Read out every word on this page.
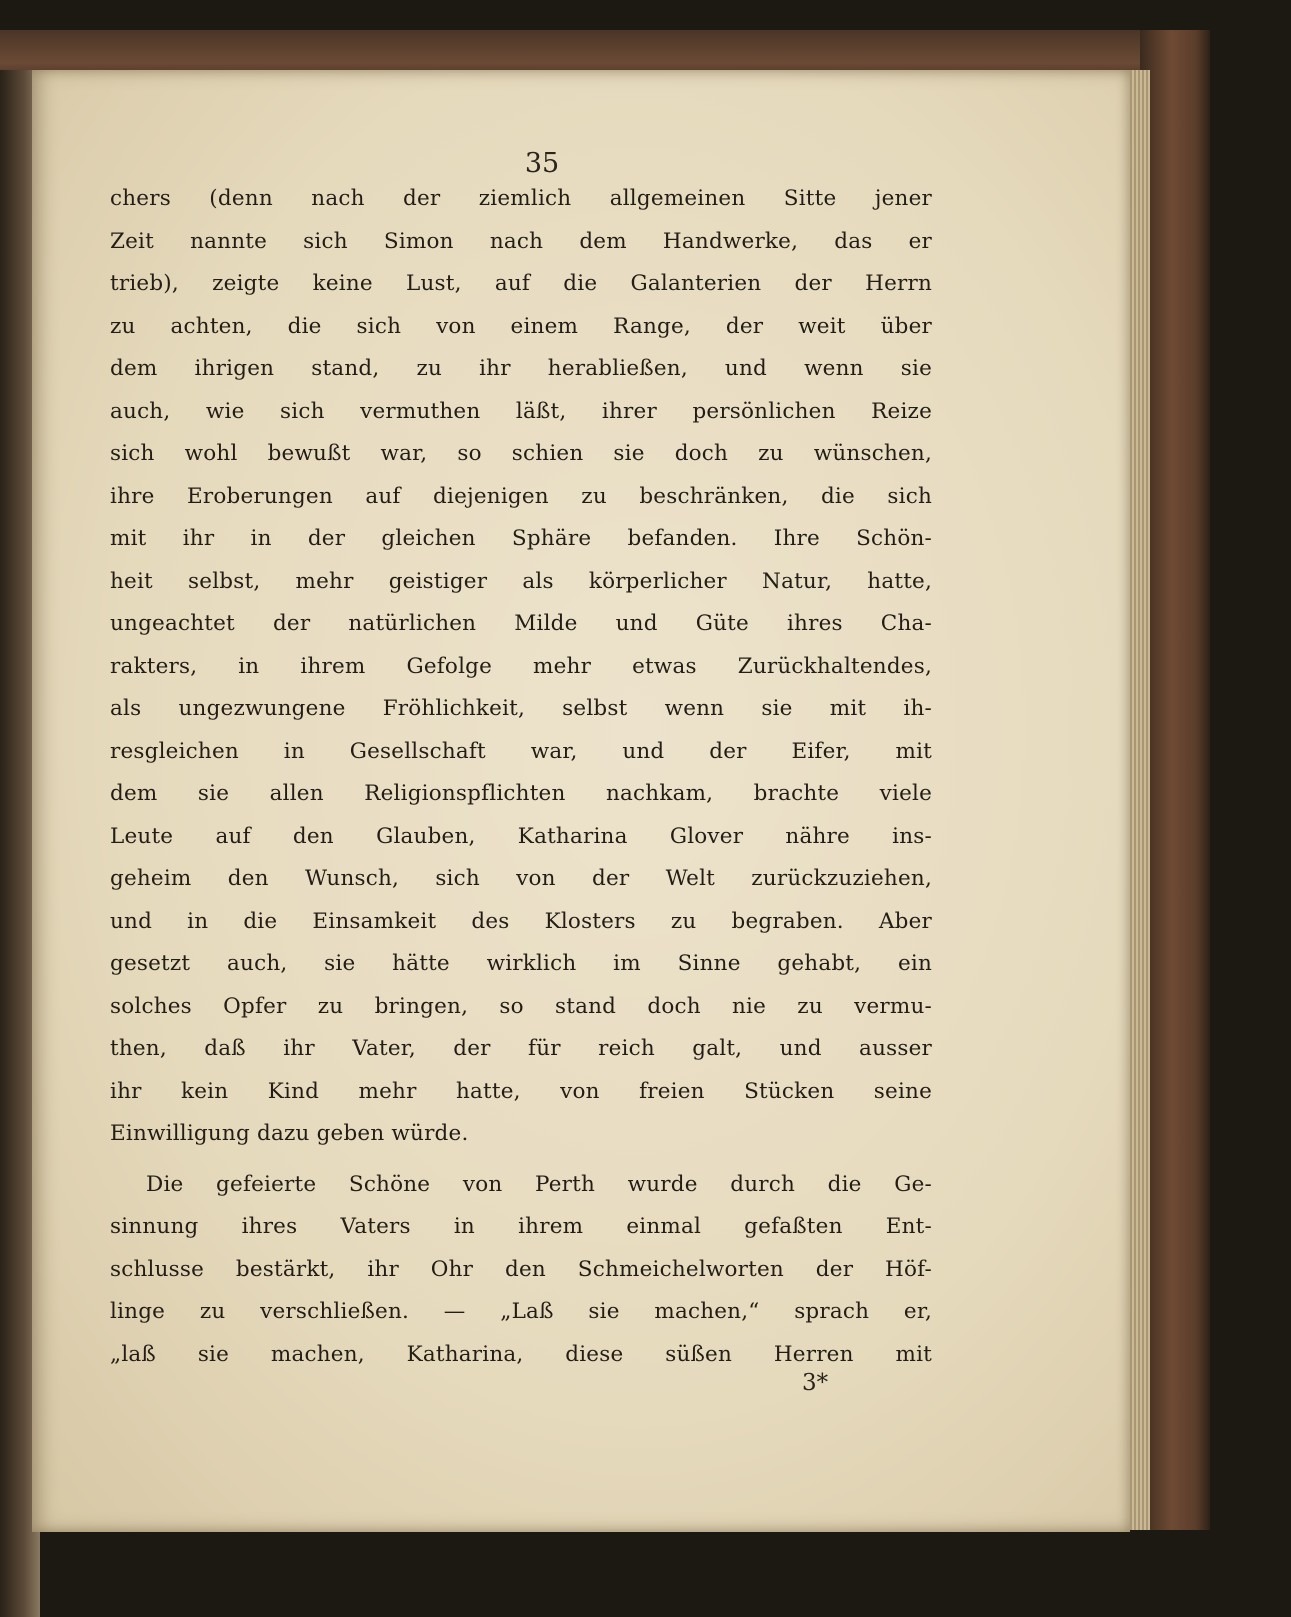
35
chers (denn nach der ziemlich allgemeinen Sitte jener
Zeit nannte sich Simon nach dem Handwerke, das er
trieb), zeigte keine Lust, auf die Galanterien der Herrn
zu achten, die sich von einem Range, der weit über
dem ihrigen stand, zu ihr herabließen, und wenn sie
auch, wie sich vermuthen läßt, ihrer persönlichen Reize
sich wohl bewußt war, so schien sie doch zu wünschen,
ihre Eroberungen auf diejenigen zu beschränken, die sich
mit ihr in der gleichen Sphäre befanden. Ihre Schön-
heit selbst, mehr geistiger als körperlicher Natur, hatte,
ungeachtet der natürlichen Milde und Güte ihres Cha-
rakters, in ihrem Gefolge mehr etwas Zurückhaltendes,
als ungezwungene Fröhlichkeit, selbst wenn sie mit ih-
resgleichen in Gesellschaft war, und der Eifer, mit
dem sie allen Religionspflichten nachkam, brachte viele
Leute auf den Glauben, Katharina Glover nähre ins-
geheim den Wunsch, sich von der Welt zurückzuziehen,
und in die Einsamkeit des Klosters zu begraben. Aber
gesetzt auch, sie hätte wirklich im Sinne gehabt, ein
solches Opfer zu bringen, so stand doch nie zu vermu-
then, daß ihr Vater, der für reich galt, und ausser
ihr kein Kind mehr hatte, von freien Stücken seine
Einwilligung dazu geben würde.
Die gefeierte Schöne von Perth wurde durch die Ge-
sinnung ihres Vaters in ihrem einmal gefaßten Ent-
schlusse bestärkt, ihr Ohr den Schmeichelworten der Höf-
linge zu verschließen. — „Laß sie machen,“ sprach er,
„laß sie machen, Katharina, diese süßen Herren mit
3*
